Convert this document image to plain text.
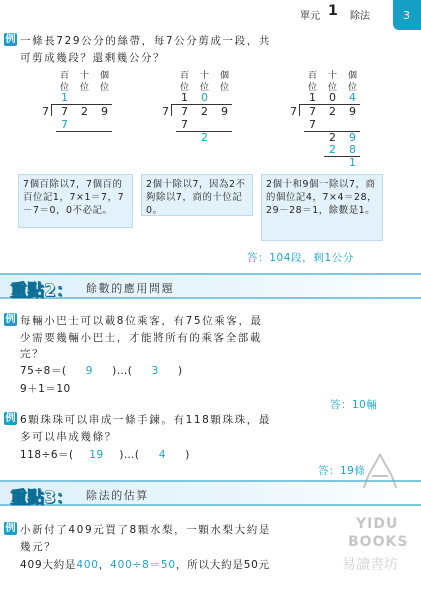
單元 1 除法	3
例 一條長729公分的絲帶，每7公分剪成一段，共
可剪成幾段？還剩幾公分？
百 十 個
位 位 位
1
7 7 2 9
7
百 十 個
位 位 位
1 0
7 7 2 9
7
2
百 十 個
位 位 位
1 0 4
7 7 2 9
7
2 9
2 8
1
7個百除以7，7個百的百位記1，7×1＝7，7－7＝0，0不必記。
2個十除以7，因為2不夠除以7，商的十位記0。
2個十和9個一除以7，商的個位記4，7×4＝28，29－28＝1，餘數是1。
答：104段，剩1公分
重點2： 餘數的應用問題
例 每輛小巴士可以載8位乘客，有75位乘客，最
少需要幾輛小巴士，才能將所有的乘客全部載
完？
75÷8＝( 9 )…( 3 )
9＋1＝10
答：10輛
例 6顆珠珠可以串成一條手鍊。有118顆珠珠，最
多可以串成幾條？
118÷6＝( 19 )…( 4 )
答：19條
重點3： 除法的估算
例 小新付了409元買了8顆水梨，一顆水梨大約是
幾元？
409大約是400，400÷8＝50，所以大約是50元
YIDU
BOOKS
易讀書坊
